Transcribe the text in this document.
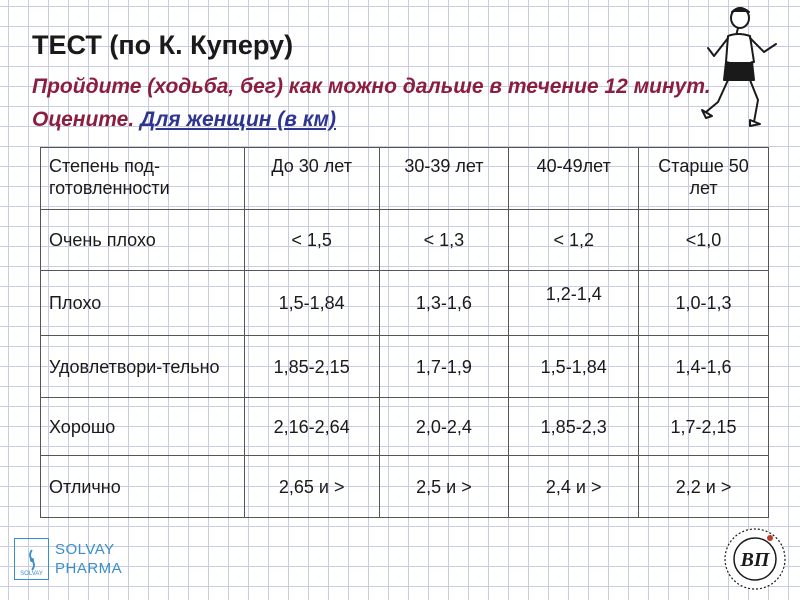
ТЕСТ (по К. Куперу)

Пройдите (ходьба, бег) как можно дальше в течение 12 минут. Оцените. Для женщин (в км)

Степень под-готовленности	До 30 лет	30-39 лет	40-49лет	Старше 50 лет
Очень плохо	< 1,5	< 1,3	< 1,2	<1,0
Плохо	1,5-1,84	1,3-1,6	1,2-1,4	1,0-1,3
Удовлетвори-тельно	1,85-2,15	1,7-1,9	1,5-1,84	1,4-1,6
Хорошо	2,16-2,64	2,0-2,4	1,85-2,3	1,7-2,15
Отлично	2,65 и >	2,5 и >	2,4 и >	2,2 и >
SOLVAY
SOLVAY
PHARMA	ВП
